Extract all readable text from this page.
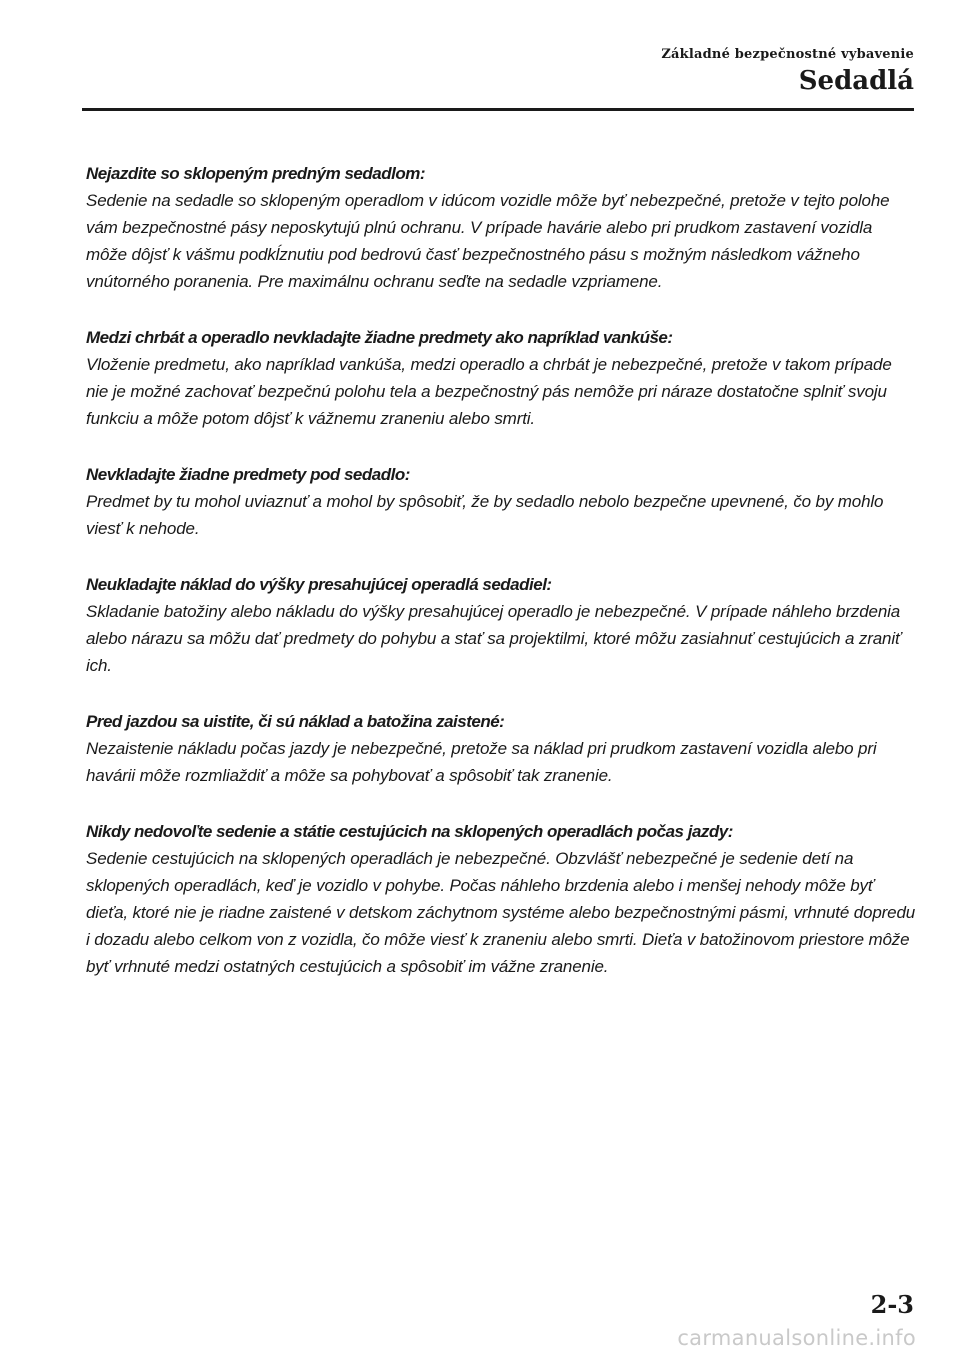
Základné bezpečnostné vybavenie

Sedadlá

Nejazdite so sklopeným predným sedadlom:

Sedenie na sedadle so sklopeným operadlom v idúcom vozidle môže byť nebezpečné, pretože v tejto polohe vám bezpečnostné pásy neposkytujú plnú ochranu. V prípade havárie alebo pri prudkom zastavení vozidla môže dôjsť k vášmu podkĺznutiu pod bedrovú časť bezpečnostného pásu s možným následkom vážneho vnútorného poranenia. Pre maximálnu ochranu seďte na sedadle vzpriamene.

Medzi chrbát a operadlo nevkladajte žiadne predmety ako napríklad vankúše:

Vloženie predmetu, ako napríklad vankúša, medzi operadlo a chrbát je nebezpečné, pretože v takom prípade nie je možné zachovať bezpečnú polohu tela a bezpečnostný pás nemôže pri náraze dostatočne splniť svoju funkciu a môže potom dôjsť k vážnemu zraneniu alebo smrti.

Nevkladajte žiadne predmety pod sedadlo:

Predmet by tu mohol uviaznuť a mohol by spôsobiť, že by sedadlo nebolo bezpečne upevnené, čo by mohlo viesť k nehode.

Neukladajte náklad do výšky presahujúcej operadlá sedadiel:

Skladanie batožiny alebo nákladu do výšky presahujúcej operadlo je nebezpečné. V prípade náhleho brzdenia alebo nárazu sa môžu dať predmety do pohybu a stať sa projektilmi, ktoré môžu zasiahnuť cestujúcich a zraniť ich.

Pred jazdou sa uistite, či sú náklad a batožina zaistené:

Nezaistenie nákladu počas jazdy je nebezpečné, pretože sa náklad pri prudkom zastavení vozidla alebo pri havárii môže rozmliaždiť a môže sa pohybovať a spôsobiť tak zranenie.

Nikdy nedovoľte sedenie a státie cestujúcich na sklopených operadlách počas jazdy:

Sedenie cestujúcich na sklopených operadlách je nebezpečné. Obzvlášť nebezpečné je sedenie detí na sklopených operadlách, keď je vozidlo v pohybe. Počas náhleho brzdenia alebo i menšej nehody môže byť dieťa, ktoré nie je riadne zaistené v detskom záchytnom systéme alebo bezpečnostnými pásmi, vrhnuté dopredu i dozadu alebo celkom von z vozidla, čo môže viesť k zraneniu alebo smrti. Dieťa v batožinovom priestore môže byť vrhnuté medzi ostatných cestujúcich a spôsobiť im vážne zranenie.

2-3

carmanualsonline.info
